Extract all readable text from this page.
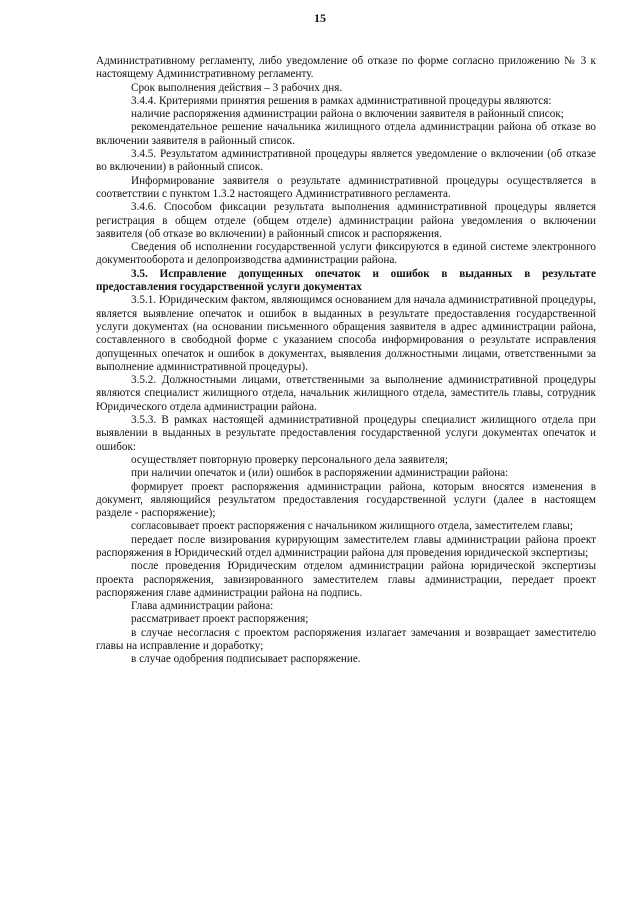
15

Административному регламенту, либо уведомление об отказе по форме согласно приложению № 3 к настоящему Административному регламенту.

Срок выполнения действия – 3 рабочих дня.

3.4.4. Критериями принятия решения в рамках административной процедуры являются:

наличие распоряжения администрации района о включении заявителя в районный список;

рекомендательное решение начальника жилищного отдела администрации района об отказе во включении заявителя в районный список.

3.4.5. Результатом административной процедуры является уведомление о включении (об отказе во включении) в районный список.

Информирование заявителя о результате административной процедуры осуществляется в соответствии с пунктом 1.3.2 настоящего Административного регламента.

3.4.6. Способом фиксации результата выполнения административной процедуры является регистрация в общем отделе (общем отделе) администрации района уведомления о включении заявителя (об отказе во включении) в районный список и распоряжения.

Сведения об исполнении государственной услуги фиксируются в единой системе электронного документооборота и делопроизводства администрации района.

3.5. Исправление допущенных опечаток и ошибок в выданных в результате предоставления государственной услуги документах

3.5.1. Юридическим фактом, являющимся основанием для начала административной процедуры, является выявление опечаток и ошибок в выданных в результате предоставления государственной услуги документах (на основании письменного обращения заявителя в адрес администрации района, составленного в свободной форме с указанием способа информирования о результате исправления допущенных опечаток и ошибок в документах, выявления должностными лицами, ответственными за выполнение административной процедуры).

3.5.2. Должностными лицами, ответственными за выполнение административной процедуры являются специалист жилищного отдела, начальник жилищного отдела, заместитель главы, сотрудник Юридического отдела администрации района.

3.5.3. В рамках настоящей административной процедуры специалист жилищного отдела при выявлении в выданных в результате предоставления государственной услуги документах опечаток и ошибок:

осуществляет повторную проверку персонального дела заявителя;

при наличии опечаток и (или) ошибок в распоряжении администрации района:

формирует проект распоряжения администрации района, которым вносятся изменения в документ, являющийся результатом предоставления государственной услуги (далее в настоящем разделе - распоряжение);

согласовывает проект распоряжения с начальником жилищного отдела, заместителем главы;

передает после визирования курирующим заместителем главы администрации района проект распоряжения в Юридический отдел администрации района для проведения юридической экспертизы;

после проведения Юридическим отделом администрации района юридической экспертизы проекта распоряжения, завизированного заместителем главы администрации, передает проект распоряжения главе администрации района на подпись.

Глава администрации района:

рассматривает проект распоряжения;

в случае несогласия с проектом распоряжения излагает замечания и возвращает заместителю главы на исправление и доработку;

в случае одобрения подписывает распоряжение.
